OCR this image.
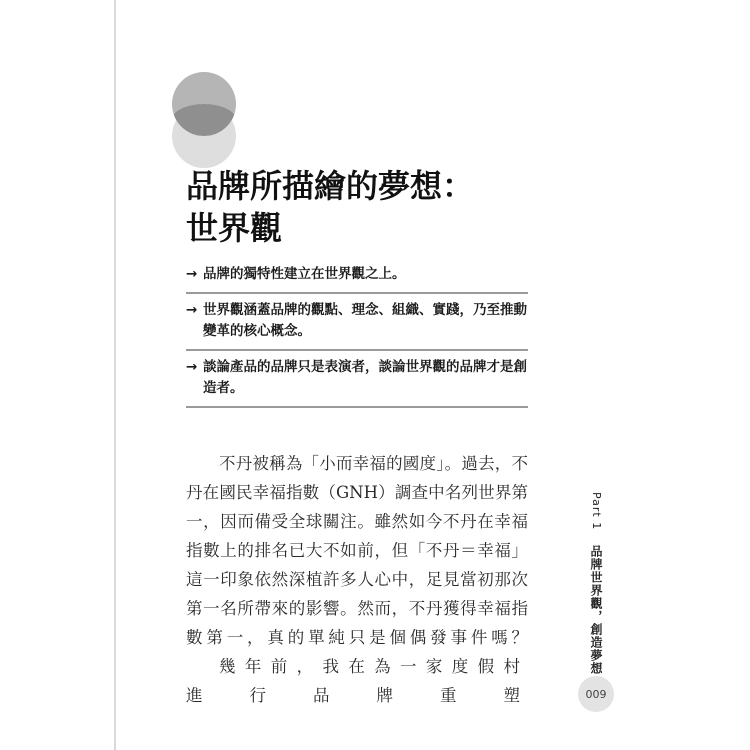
品牌所描繪的夢想：
世界觀
→ 品牌的獨特性建立在世界觀之上。
→ 世界觀涵蓋品牌的觀點、理念、組織、實踐，乃至推動變革的核心概念。
→ 談論產品的品牌只是表演者，談論世界觀的品牌才是創造者。

不丹被稱為「小而幸福的國度」。過去，不丹在國民幸福指數（GNH）調查中名列世界第一，因而備受全球關注。雖然如今不丹在幸福指數上的排名已大不如前，但「不丹＝幸福」這一印象依然深植許多人心中，足見當初那次第一名所帶來的影響。然而，不丹獲得幸福指數第一，真的單純只是個偶發事件嗎？

幾年前，我在為一家度假村進行品牌重塑

Part 1 品牌世界觀，創造夢想
009
